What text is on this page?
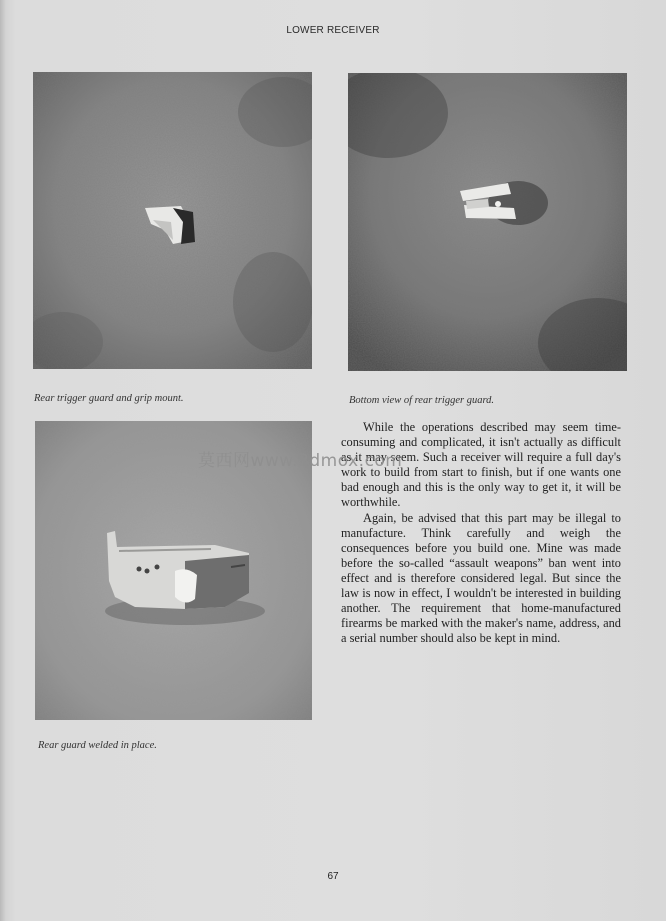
LOWER RECEIVER
Rear trigger guard and grip mount.	Bottom view of rear trigger guard.
Rear guard welded in place.

While the operations described may seem time-consuming and complicated, it isn't actually as difficult as it may seem. Such a receiver will require a full day's work to build from start to finish, but if one wants one bad enough and this is the only way to get it, it will be worthwhile.

Again, be advised that this part may be illegal to manufacture. Think carefully and weigh the consequences before you build one. Mine was made before the so-called “assault weapons” ban went into effect and is therefore considered legal. But since the law is now in effect, I wouldn't be interested in building another. The requirement that home-manufactured firearms be marked with the maker's name, address, and a serial number should also be kept in mind.

莫西网www.3dmox.com
67
